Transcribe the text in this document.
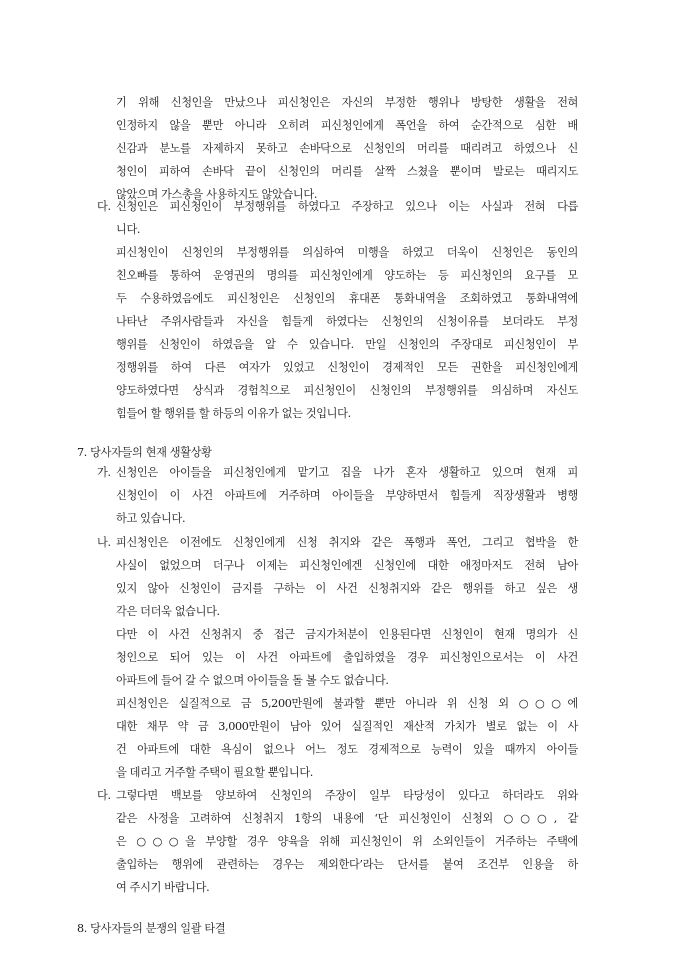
기 위해 신청인을 만났으나 피신청인은 자신의 부정한 행위나 방탕한 생활을 전혀
인정하지 않을 뿐만 아니라 오히려 피신청인에게 폭언을 하여 순간적으로 심한 배
신감과 분노를 자제하지 못하고 손바닥으로 신청인의 머리를 때리려고 하였으나 신
청인이 피하여 손바닥 끝이 신청인의 머리를 살짝 스쳤을 뿐이며 발로는 때리지도
않았으며 가스총을 사용하지도 않았습니다.
다. 신청인은 피신청인이 부정행위를 하였다고 주장하고 있으나 이는 사실과 전혀 다릅
니다.
피신청인이 신청인의 부정행위를 의심하여 미행을 하였고 더욱이 신청인은 동인의
친오빠를 통하여 운영권의 명의를 피신청인에게 양도하는 등 피신청인의 요구를 모
두 수용하였음에도 피신청인은 신청인의 휴대폰 통화내역을 조회하였고 통화내역에
나타난 주위사람들과 자신을 힘들게 하였다는 신청인의 신청이유를 보더라도 부정
행위를 신청인이 하였음을 알 수 있습니다. 만일 신청인의 주장대로 피신청인이 부
정행위를 하여 다른 여자가 있었고 신청인이 경제적인 모든 권한을 피신청인에게
양도하였다면 상식과 경험칙으로 피신청인이 신청인의 부정행위를 의심하며 자신도
힘들어 할 행위를 할 하등의 이유가 없는 것입니다.
7. 당사자들의 현재 생활상황
가. 신청인은 아이들을 피신청인에게 맡기고 집을 나가 혼자 생활하고 있으며 현재 피
신청인이 이 사건 아파트에 거주하며 아이들을 부양하면서 힘들게 직장생활과 병행
하고 있습니다.
나. 피신청인은 이전에도 신청인에게 신청 취지와 같은 폭행과 폭언, 그리고 협박을 한
사실이 없었으며 더구나 이제는 피신청인에겐 신청인에 대한 애정마저도 전혀 남아
있지 않아 신청인이 금지를 구하는 이 사건 신청취지와 같은 행위를 하고 싶은 생
각은 더더욱 없습니다.
다만 이 사건 신청취지 중 접근 금지가처분이 인용된다면 신청인이 현재 명의가 신
청인으로 되어 있는 이 사건 아파트에 출입하였을 경우 피신청인으로서는 이 사건
아파트에 들어 갈 수 없으며 아이들을 돌 볼 수도 없습니다.
피신청인은 실질적으로 금 5,200만원에 불과할 뿐만 아니라 위 신청 외 ○○○에
대한 채무 약 금 3,000만원이 남아 있어 실질적인 재산적 가치가 별로 없는 이 사
건 아파트에 대한 욕심이 없으나 어느 정도 경제적으로 능력이 있을 때까지 아이들
을 데리고 거주할 주택이 필요할 뿐입니다.
다. 그렇다면 백보를 양보하여 신청인의 주장이 일부 타당성이 있다고 하더라도 위와
같은 사정을 고려하여 신청취지 1항의 내용에 ‘단 피신청인이 신청외 ○○○, 같
은 ○○○을 부양할 경우 양육을 위해 피신청인이 위 소외인들이 거주하는 주택에
출입하는 행위에 관련하는 경우는 제외한다’라는 단서를 붙여 조건부 인용을 하
여 주시기 바랍니다.
8. 당사자들의 분쟁의 일괄 타결
